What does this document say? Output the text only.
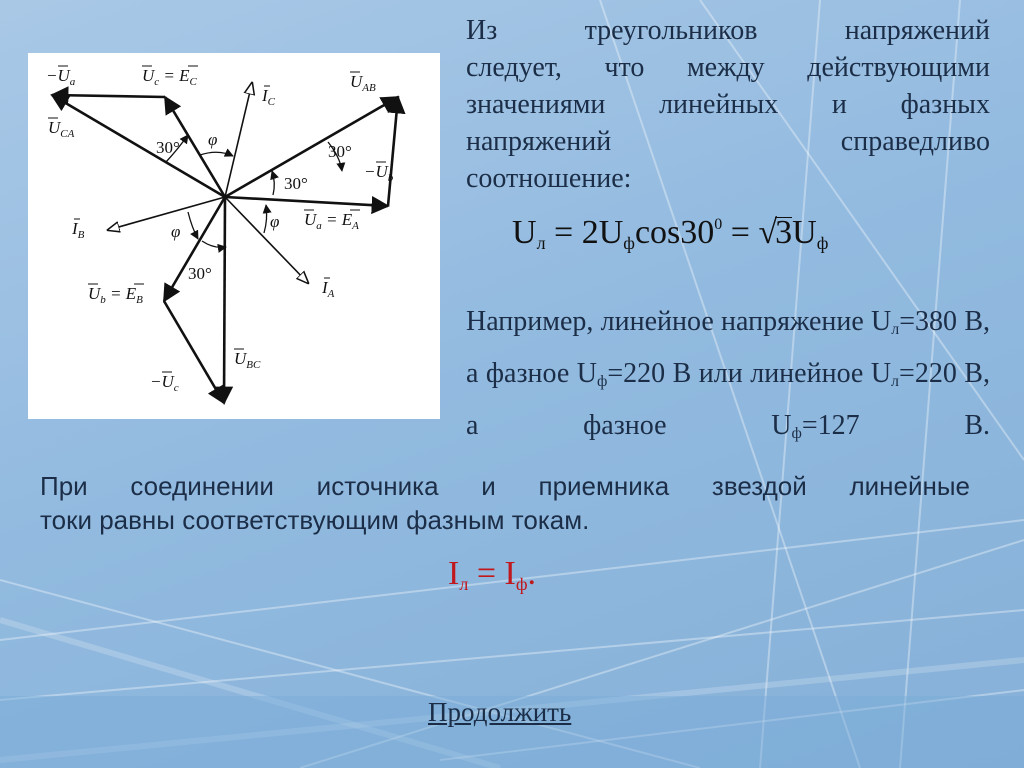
$-U_a$	$U_c = E_C$
$I_C$
$U_{AB}$
$U_{CA}$
$-U_b$
$I_B$
$U_a = E_A$
$I_A$
$U_b = E_B$
$U_{BC}$
$-U_c$
30° φ
30°
30°
φ
φ
30°
Из треугольников напряжений
следует, что между действующими
значениями линейных и фазных
напряжений справедливо
соотношение:
$U_л = 2U_ф\cos 30^0 = √3U_ф$
Например, линейное напряжение $U_л=380$ В, а фазное $U_ф=220$ В или линейное $U_л=220$ В, а фазное $U_ф=127$ В.
При соединении источника и приемника звездой линейные
токи равны соответствующим фазным токам.
$I_л = I_ф$.
Продолжить
